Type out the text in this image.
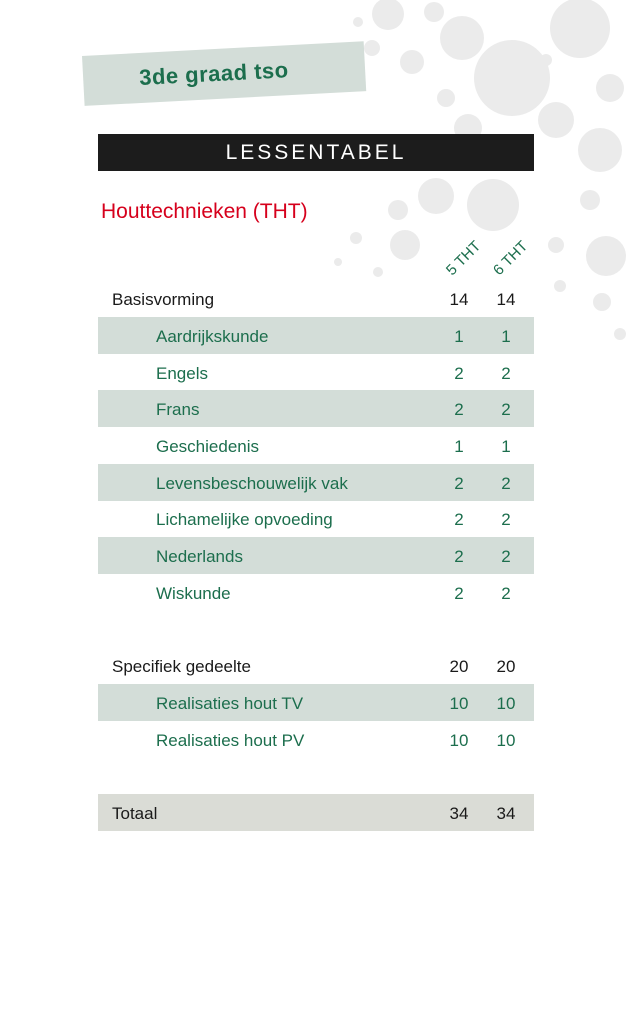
3de graad tso
LESSENTABEL
Houttechnieken (THT)
5 THT 6 THT
Basisvorming	14	14
Aardrijkskunde	1	1
Engels	2	2
Frans	2	2
Geschiedenis	1	1
Levensbeschouwelijk vak	2	2
Lichamelijke opvoeding	2	2
Nederlands	2	2
Wiskunde	2	2
Specifiek gedeelte	20	20
Realisaties hout TV	10	10
Realisaties hout PV	10	10
Totaal	34	34
